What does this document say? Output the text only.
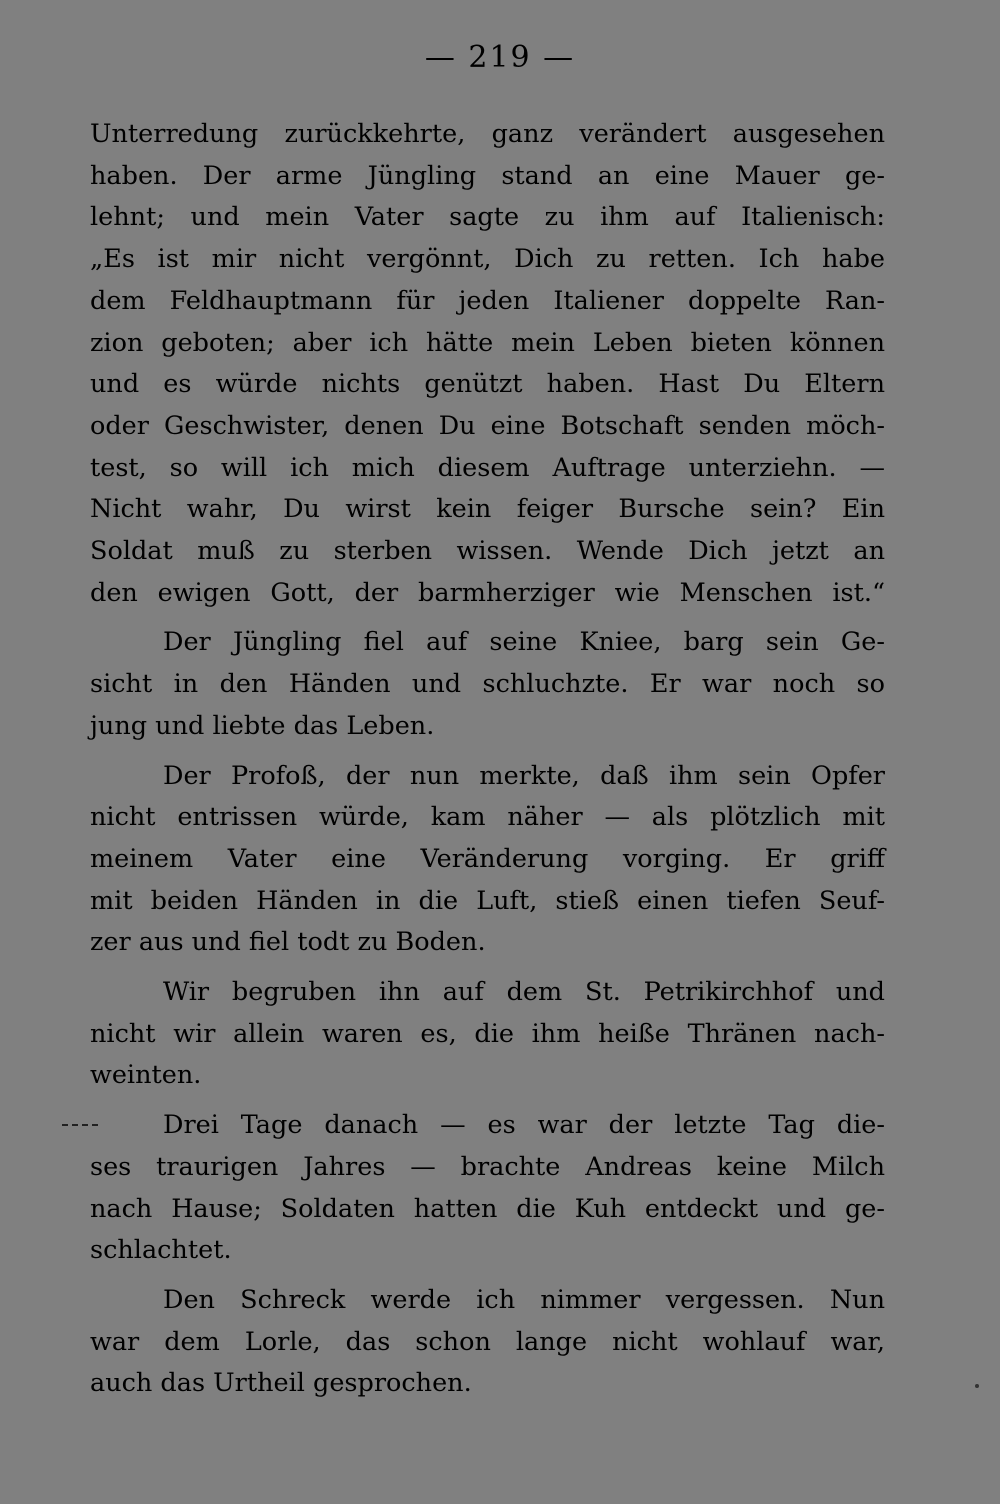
— 219 —
Unterredung zurückkehrte, ganz verändert ausgesehen
haben. Der arme Jüngling stand an eine Mauer ge-
lehnt; und mein Vater sagte zu ihm auf Italienisch:
„Es ist mir nicht vergönnt, Dich zu retten. Ich habe
dem Feldhauptmann für jeden Italiener doppelte Ran-
zion geboten; aber ich hätte mein Leben bieten können
und es würde nichts genützt haben. Hast Du Eltern
oder Geschwister, denen Du eine Botschaft senden möch-
test, so will ich mich diesem Auftrage unterziehn. —
Nicht wahr, Du wirst kein feiger Bursche sein? Ein
Soldat muß zu sterben wissen. Wende Dich jetzt an
den ewigen Gott, der barmherziger wie Menschen ist.“
Der Jüngling fiel auf seine Kniee, barg sein Ge-
sicht in den Händen und schluchzte. Er war noch so
jung und liebte das Leben.
Der Profoß, der nun merkte, daß ihm sein Opfer
nicht entrissen würde, kam näher — als plötzlich mit
meinem Vater eine Veränderung vorging. Er griff
mit beiden Händen in die Luft, stieß einen tiefen Seuf-
zer aus und fiel todt zu Boden.
Wir begruben ihn auf dem St. Petrikirchhof und
nicht wir allein waren es, die ihm heiße Thränen nach-
weinten.
Drei Tage danach — es war der letzte Tag die-
ses traurigen Jahres — brachte Andreas keine Milch
nach Hause; Soldaten hatten die Kuh entdeckt und ge-
schlachtet.
Den Schreck werde ich nimmer vergessen. Nun
war dem Lorle, das schon lange nicht wohlauf war,
auch das Urtheil gesprochen.
